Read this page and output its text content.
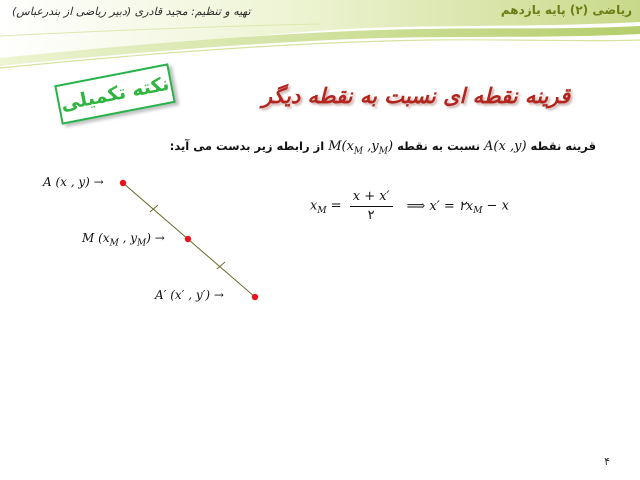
ریاضی (۲) پایه یازدهم
تهیه و تنظیم: مجید قادری (دبیر ریاضی از بندرعباس)
نکته تکمیلی	قرینه نقطه ای نسبت به نقطه دیگر
قرینه نقطه A(x ,y) نسبت به نقطه $M(x_M$ $,y_M$) از رابطه زیر بدست می آید:
A (x , y) →
M ($x_M$ , $y_M$) →
A′ (x′ , y′) →
$x_M = \frac{x + x'}{۲}$ ⟹ $x' = ۲x_M - x$
۴
